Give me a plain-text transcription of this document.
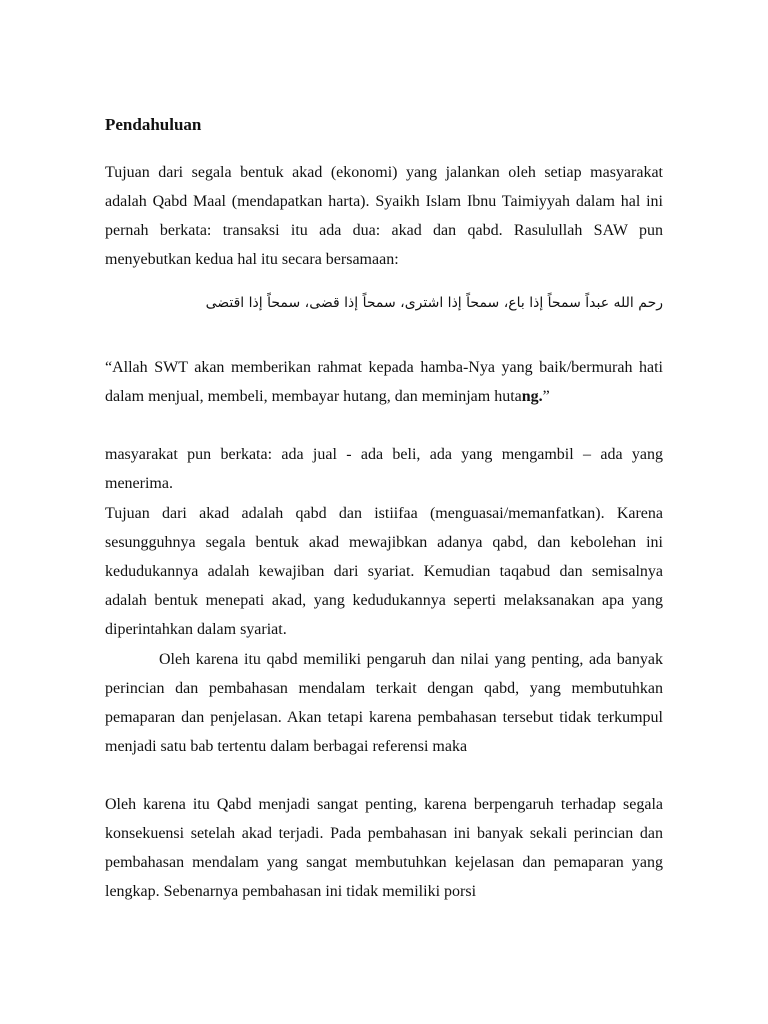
Pendahuluan

Tujuan dari segala bentuk akad (ekonomi) yang jalankan oleh setiap masyarakat adalah Qabd Maal (mendapatkan harta). Syaikh Islam Ibnu Taimiyyah dalam hal ini pernah berkata: transaksi itu ada dua: akad dan qabd. Rasulullah SAW pun menyebutkan kedua hal itu secara bersamaan:

رحم الله عبداً سمحاً إذا باع، سمحاً إذا اشترى، سمحاً إذا قضى، سمحاً إذا اقتضى

“Allah SWT akan memberikan rahmat kepada hamba-Nya yang baik/bermurah hati dalam menjual, membeli, membayar hutang, dan meminjam hutang.”

masyarakat pun berkata: ada jual - ada beli, ada yang mengambil – ada yang menerima.

Tujuan dari akad adalah qabd dan istiifaa (menguasai/memanfatkan). Karena sesungguhnya segala bentuk akad mewajibkan adanya qabd, dan kebolehan ini kedudukannya adalah kewajiban dari syariat. Kemudian taqabud dan semisalnya adalah bentuk menepati akad, yang kedudukannya seperti melaksanakan apa yang diperintahkan dalam syariat.

Oleh karena itu qabd memiliki pengaruh dan nilai yang penting, ada banyak perincian dan pembahasan mendalam terkait dengan qabd, yang membutuhkan pemaparan dan penjelasan. Akan tetapi karena pembahasan tersebut tidak terkumpul menjadi satu bab tertentu dalam berbagai referensi maka

Oleh karena itu Qabd menjadi sangat penting, karena berpengaruh terhadap segala konsekuensi setelah akad terjadi. Pada pembahasan ini banyak sekali perincian dan pembahasan mendalam yang sangat membutuhkan kejelasan dan pemaparan yang lengkap. Sebenarnya pembahasan ini tidak memiliki porsi
